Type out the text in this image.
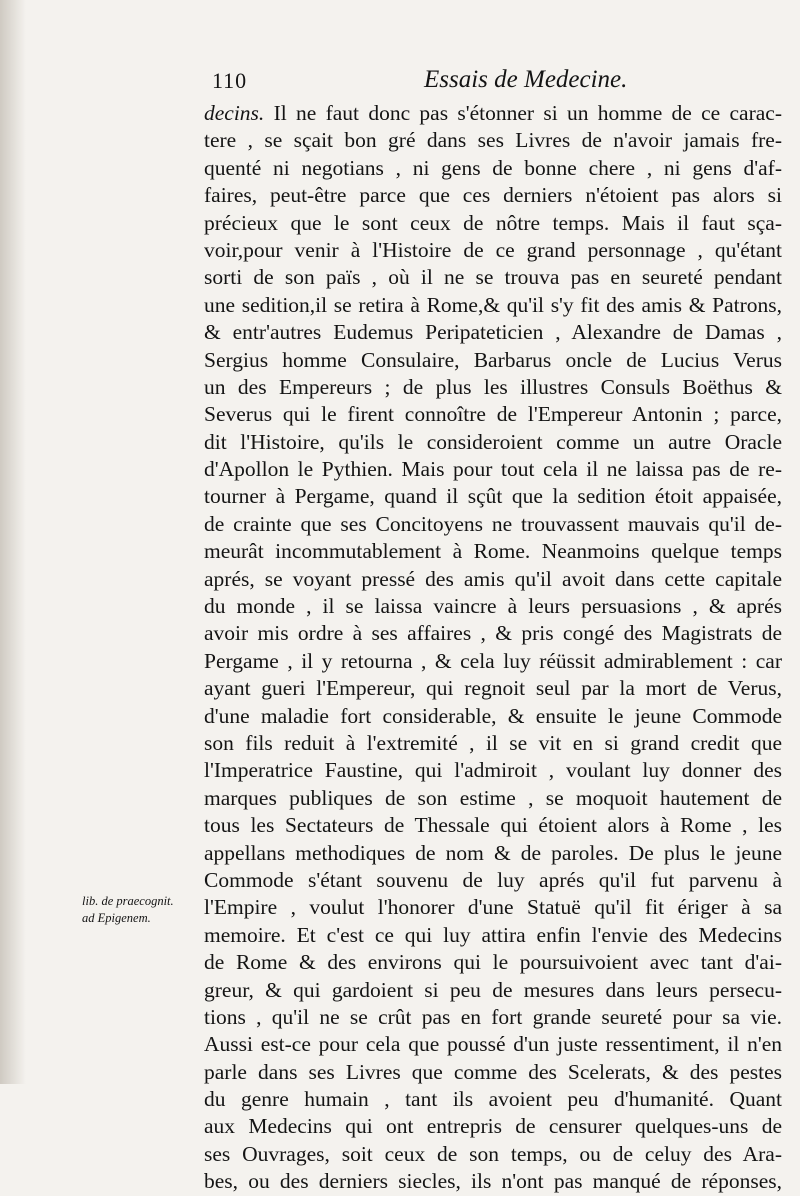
110	Essais de Medecine.
decins. Il ne faut donc pas s'étonner si un homme de ce carac-
tere , se sçait bon gré dans ses Livres de n'avoir jamais fre-
quenté ni negotians , ni gens de bonne chere , ni gens d'af-
faires, peut-être parce que ces derniers n'étoient pas alors si
précieux que le sont ceux de nôtre temps. Mais il faut sça-
voir,pour venir à l'Histoire de ce grand personnage , qu'étant
sorti de son païs , où il ne se trouva pas en seureté pendant
une sedition,il se retira à Rome,& qu'il s'y fit des amis & Patrons,
& entr'autres Eudemus Peripateticien , Alexandre de Damas ,
Sergius homme Consulaire, Barbarus oncle de Lucius Verus
un des Empereurs ; de plus les illustres Consuls Boëthus &
Severus qui le firent connoître de l'Empereur Antonin ; parce,
dit l'Histoire, qu'ils le consideroient comme un autre Oracle
d'Apollon le Pythien. Mais pour tout cela il ne laissa pas de re-
tourner à Pergame, quand il sçût que la sedition étoit appaisée,
de crainte que ses Concitoyens ne trouvassent mauvais qu'il de-
meurât incommutablement à Rome. Neanmoins quelque temps
aprés, se voyant pressé des amis qu'il avoit dans cette capitale
du monde , il se laissa vaincre à leurs persuasions , & aprés
avoir mis ordre à ses affaires , & pris congé des Magistrats de
Pergame , il y retourna , & cela luy réüssit admirablement : car
ayant gueri l'Empereur, qui regnoit seul par la mort de Verus,
d'une maladie fort considerable, & ensuite le jeune Commode
son fils reduit à l'extremité , il se vit en si grand credit que
l'Imperatrice Faustine, qui l'admiroit , voulant luy donner des
marques publiques de son estime , se moquoit hautement de
tous les Sectateurs de Thessale qui étoient alors à Rome , les
appellans methodiques de nom & de paroles. De plus le jeune
Commode s'étant souvenu de luy aprés qu'il fut parvenu à
l'Empire , voulut l'honorer d'une Statuë qu'il fit ériger à sa
memoire. Et c'est ce qui luy attira enfin l'envie des Medecins
de Rome & des environs qui le poursuivoient avec tant d'ai-
greur, & qui gardoient si peu de mesures dans leurs persecu-
tions , qu'il ne se crût pas en fort grande seureté pour sa vie.
Aussi est-ce pour cela que poussé d'un juste ressentiment, il n'en
parle dans ses Livres que comme des Scelerats, & des pestes
du genre humain , tant ils avoient peu d'humanité. Quant
aux Medecins qui ont entrepris de censurer quelques-uns de
ses Ouvrages, soit ceux de son temps, ou de celuy des Ara-
bes, ou des derniers siecles, ils n'ont pas manqué de réponses,
lib. de praecognit.
ad Epigenem.
